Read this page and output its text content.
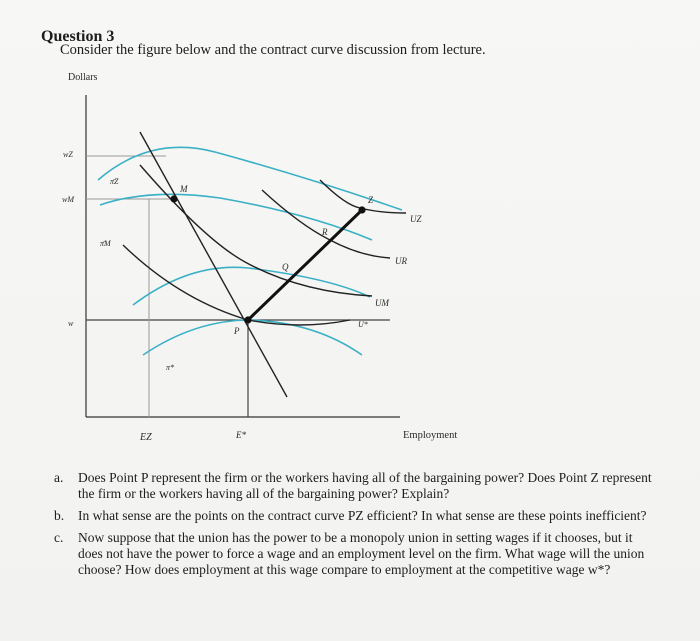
Question 3
Consider the figure below and the contract curve discussion from lecture.
Dollars
Employment
wZ
wM
w
π̄Z
π̄M
π*
UZ
UR
UM
U*
M
Z
R
Q
P
EZ	E*
a. Does Point P represent the firm or the workers having all of the bargaining power? Does Point Z represent the firm or the workers having all of the bargaining power? Explain?
b. In what sense are the points on the contract curve PZ efficient? In what sense are these points inefficient?
c. Now suppose that the union has the power to be a monopoly union in setting wages if it chooses, but it does not have the power to force a wage and an employment level on the firm. What wage will the union choose? How does employment at this wage compare to employment at the competitive wage w*?
